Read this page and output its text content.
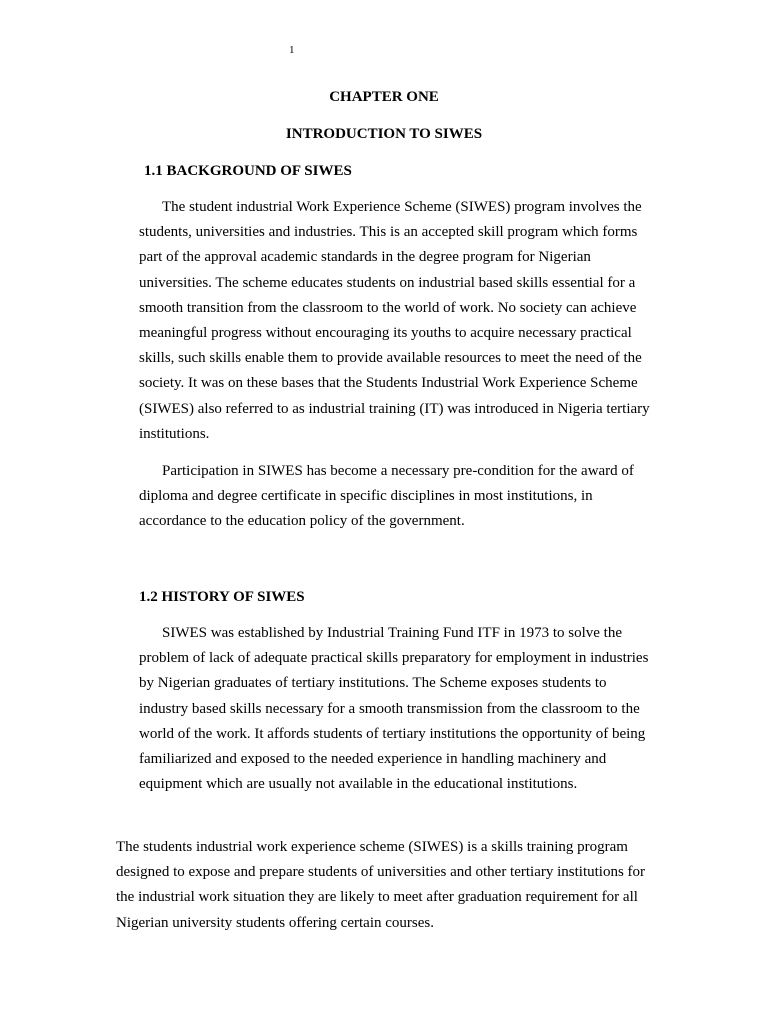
1
CHAPTER ONE
INTRODUCTION TO SIWES
1.1 BACKGROUND OF SIWES

The student industrial Work Experience Scheme (SIWES) program involves the students, universities and industries. This is an accepted skill program which forms part of the approval academic standards in the degree program for Nigerian universities. The scheme educates students on industrial based skills essential for a smooth transition from the classroom to the world of work. No society can achieve meaningful progress without encouraging its youths to acquire necessary practical skills, such skills enable them to provide available resources to meet the need of the society. It was on these bases that the Students Industrial Work Experience Scheme (SIWES) also referred to as industrial training (IT) was introduced in Nigeria tertiary institutions.

Participation in SIWES has become a necessary pre-condition for the award of diploma and degree certificate in specific disciplines in most institutions, in accordance to the education policy of the government.

1.2 HISTORY OF SIWES

SIWES was established by Industrial Training Fund ITF in 1973 to solve the problem of lack of adequate practical skills preparatory for employment in industries by Nigerian graduates of tertiary institutions. The Scheme exposes students to industry based skills necessary for a smooth transmission from the classroom to the world of the work. It affords students of tertiary institutions the opportunity of being familiarized and exposed to the needed experience in handling machinery and equipment which are usually not available in the educational institutions.

The students industrial work experience scheme (SIWES) is a skills training program designed to expose and prepare students of universities and other tertiary institutions for the industrial work situation they are likely to meet after graduation requirement for all Nigerian university students offering certain courses.
